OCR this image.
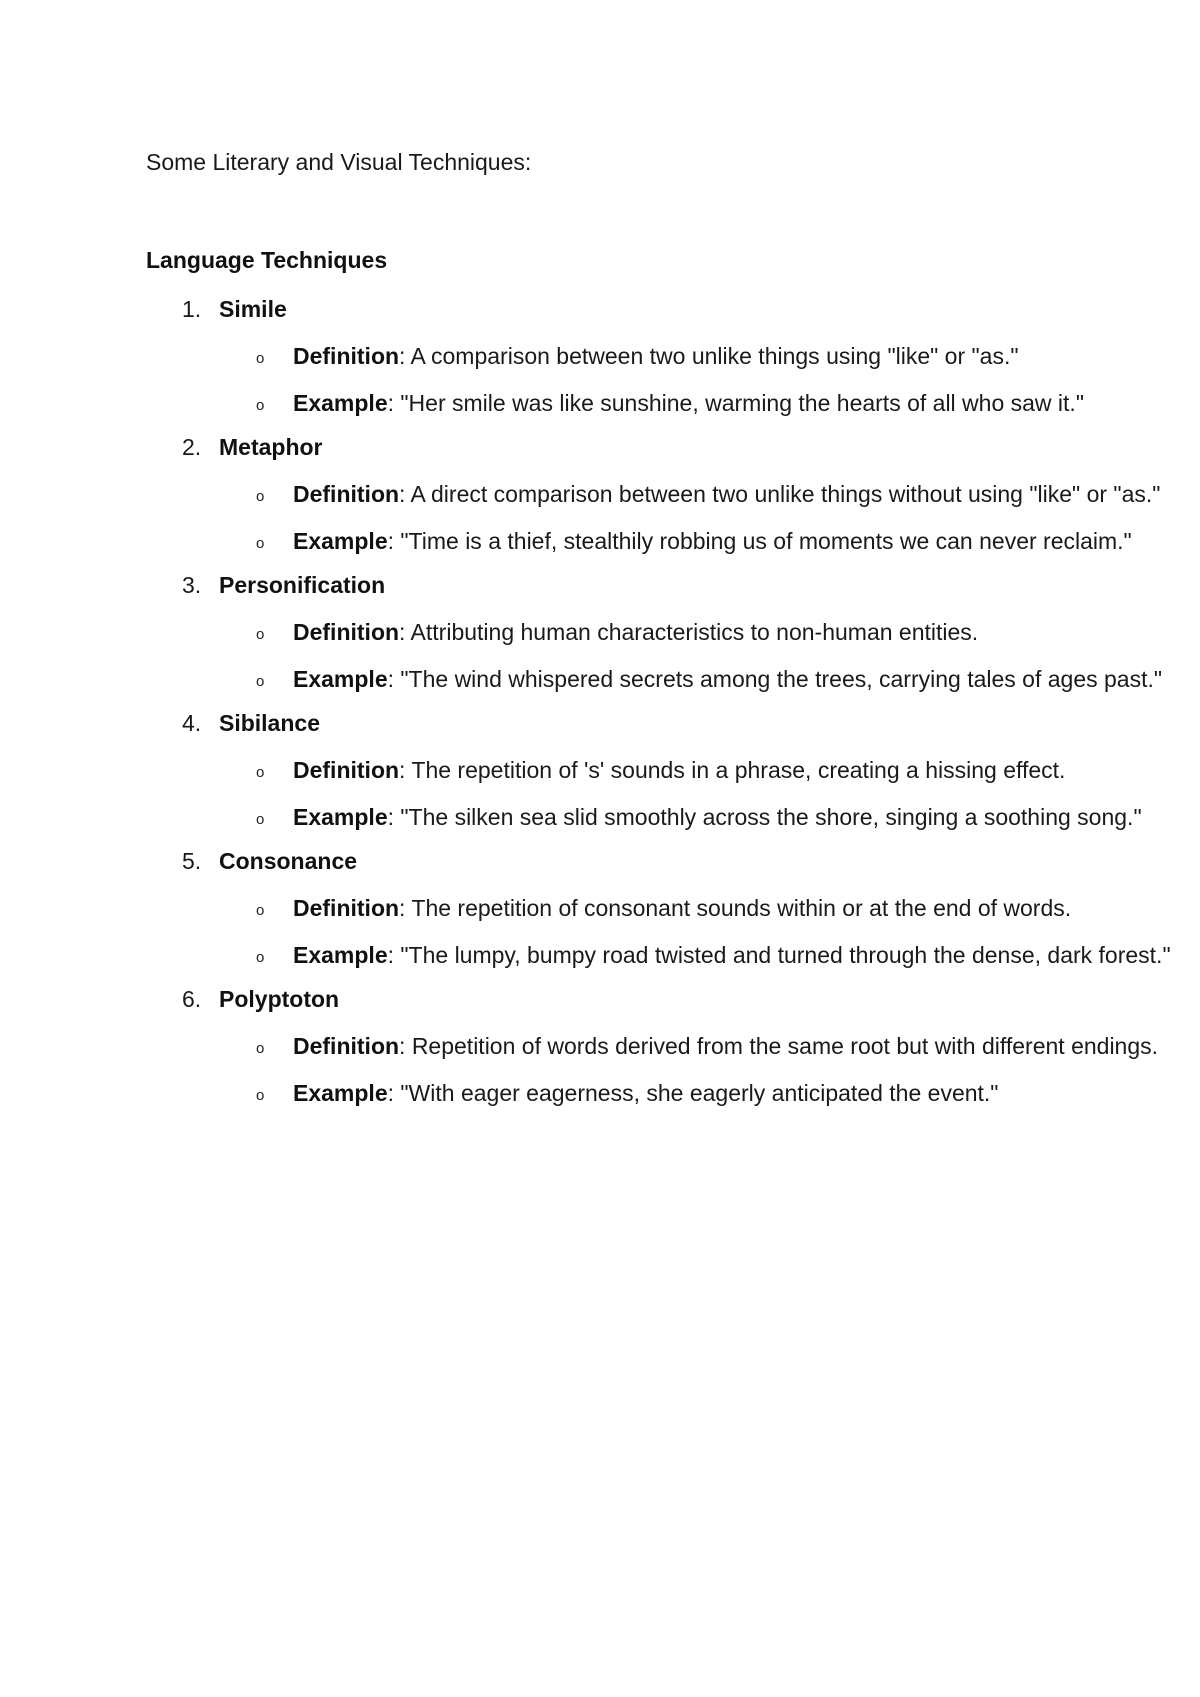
Some Literary and Visual Techniques:
Language Techniques
1. Simile
o Definition: A comparison between two unlike things using "like" or "as."
o Example: "Her smile was like sunshine, warming the hearts of all who saw it."
2. Metaphor
o Definition: A direct comparison between two unlike things without using "like" or "as."
o Example: "Time is a thief, stealthily robbing us of moments we can never reclaim."
3. Personification
o Definition: Attributing human characteristics to non-human entities.
o Example: "The wind whispered secrets among the trees, carrying tales of ages past."
4. Sibilance
o Definition: The repetition of 's' sounds in a phrase, creating a hissing effect.
o Example: "The silken sea slid smoothly across the shore, singing a soothing song."
5. Consonance
o Definition: The repetition of consonant sounds within or at the end of words.
o Example: "The lumpy, bumpy road twisted and turned through the dense, dark forest."
6. Polyptoton
o Definition: Repetition of words derived from the same root but with different endings.
o Example: "With eager eagerness, she eagerly anticipated the event."
